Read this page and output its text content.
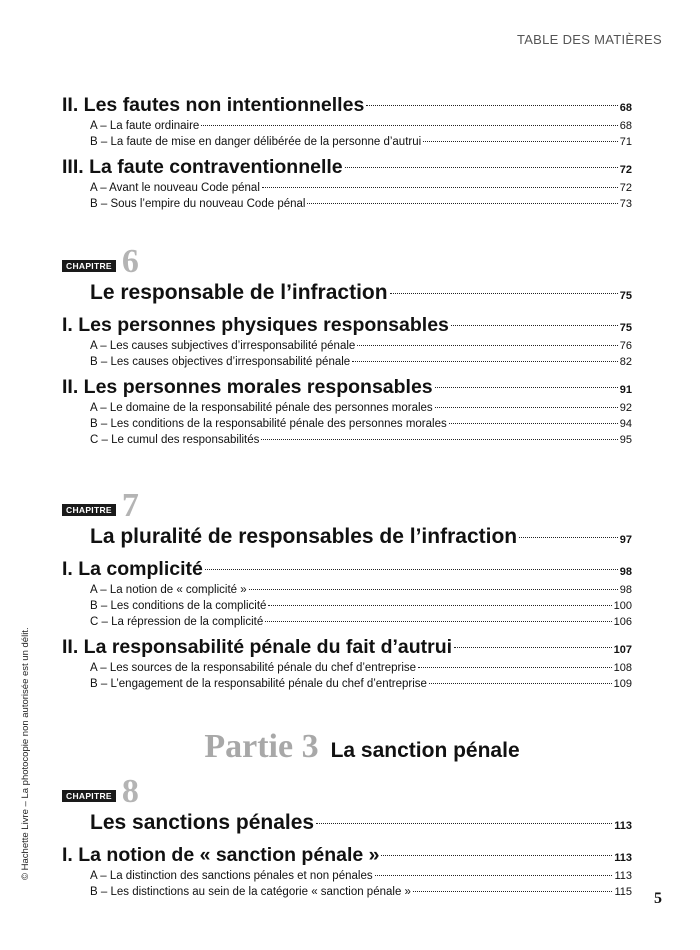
TABLE DES MATIÈRES
II. Les fautes non intentionnelles	68
A – La faute ordinaire	68
B – La faute de mise en danger délibérée de la personne d’autrui	71
III. La faute contraventionnelle	72
A – Avant le nouveau Code pénal	72
B – Sous l’empire du nouveau Code pénal	73
CHAPITRE 6
Le responsable de l’infraction	75
I. Les personnes physiques responsables	75
A – Les causes subjectives d’irresponsabilité pénale	76
B – Les causes objectives d’irresponsabilité pénale	82
II. Les personnes morales responsables	91
A – Le domaine de la responsabilité pénale des personnes morales	92
B – Les conditions de la responsabilité pénale des personnes morales	94
C – Le cumul des responsabilités	95
CHAPITRE 7
La pluralité de responsables de l’infraction	97
I. La complicité	98
A – La notion de « complicité »	98
B – Les conditions de la complicité	100
C – La répression de la complicité	106
II. La responsabilité pénale du fait d’autrui	107
A – Les sources de la responsabilité pénale du chef d’entreprise	108
B – L’engagement de la responsabilité pénale du chef d’entreprise	109
Partie 3 La sanction pénale
CHAPITRE 8
Les sanctions pénales	113
I. La notion de « sanction pénale »	113
A – La distinction des sanctions pénales et non pénales	113
B – Les distinctions au sein de la catégorie « sanction pénale »	115
© Hachette Livre – La photocopie non autorisée est un délit.
5
